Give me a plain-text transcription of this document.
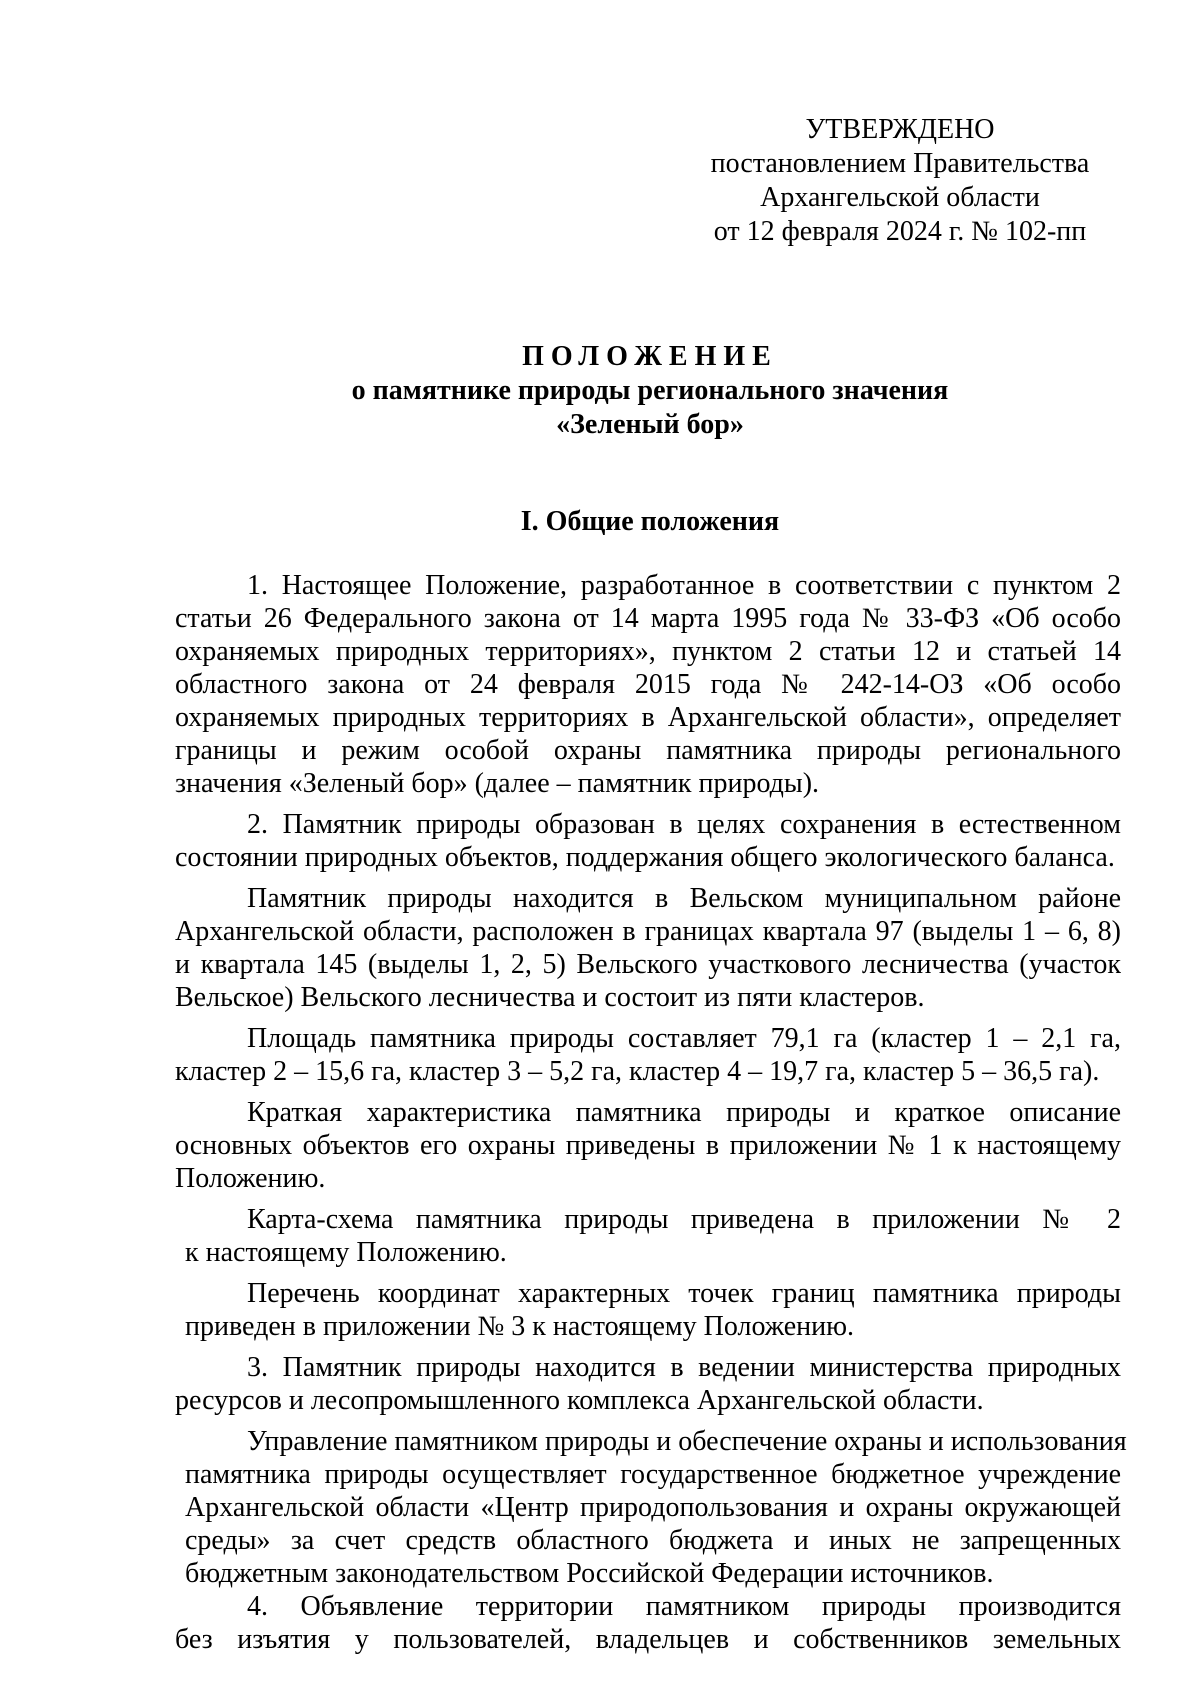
УТВЕРЖДЕНО
постановлением Правительства
Архангельской области
от 12 февраля 2024 г. № 102-пп
ПОЛОЖЕНИЕ
о памятнике природы регионального значения
«Зеленый бор»
I. Общие положения
1. Настоящее Положение, разработанное в соответствии с пунктом 2
статьи 26 Федерального закона от 14 марта 1995 года № 33-ФЗ «Об особо
охраняемых природных территориях», пунктом 2 статьи 12 и статьей 14
областного закона от 24 февраля 2015 года № 242-14-ОЗ «Об особо
охраняемых природных территориях в Архангельской области», определяет
границы и режим особой охраны памятника природы регионального
значения «Зеленый бор» (далее – памятник природы).
2. Памятник природы образован в целях сохранения в естественном
состоянии природных объектов, поддержания общего экологического баланса.
Памятник природы находится в Вельском муниципальном районе
Архангельской области, расположен в границах квартала 97 (выделы 1 – 6, 8)
и квартала 145 (выделы 1, 2, 5) Вельского участкового лесничества (участок
Вельское) Вельского лесничества и состоит из пяти кластеров.
Площадь памятника природы составляет 79,1 га (кластер 1 – 2,1 га,
кластер 2 – 15,6 га, кластер 3 – 5,2 га, кластер 4 – 19,7 га, кластер 5 – 36,5 га).
Краткая характеристика памятника природы и краткое описание
основных объектов его охраны приведены в приложении № 1 к настоящему
Положению.
Карта-схема памятника природы приведена в приложении № 2
к настоящему Положению.
Перечень координат характерных точек границ памятника природы
приведен в приложении № 3 к настоящему Положению.
3. Памятник природы находится в ведении министерства природных
ресурсов и лесопромышленного комплекса Архангельской области.
Управление памятником природы и обеспечение охраны и использования
памятника природы осуществляет государственное бюджетное учреждение
Архангельской области «Центр природопользования и охраны окружающей
среды» за счет средств областного бюджета и иных не запрещенных
бюджетным законодательством Российской Федерации источников.
4. Объявление территории памятником природы производится
без изъятия у пользователей, владельцев и собственников земельных
